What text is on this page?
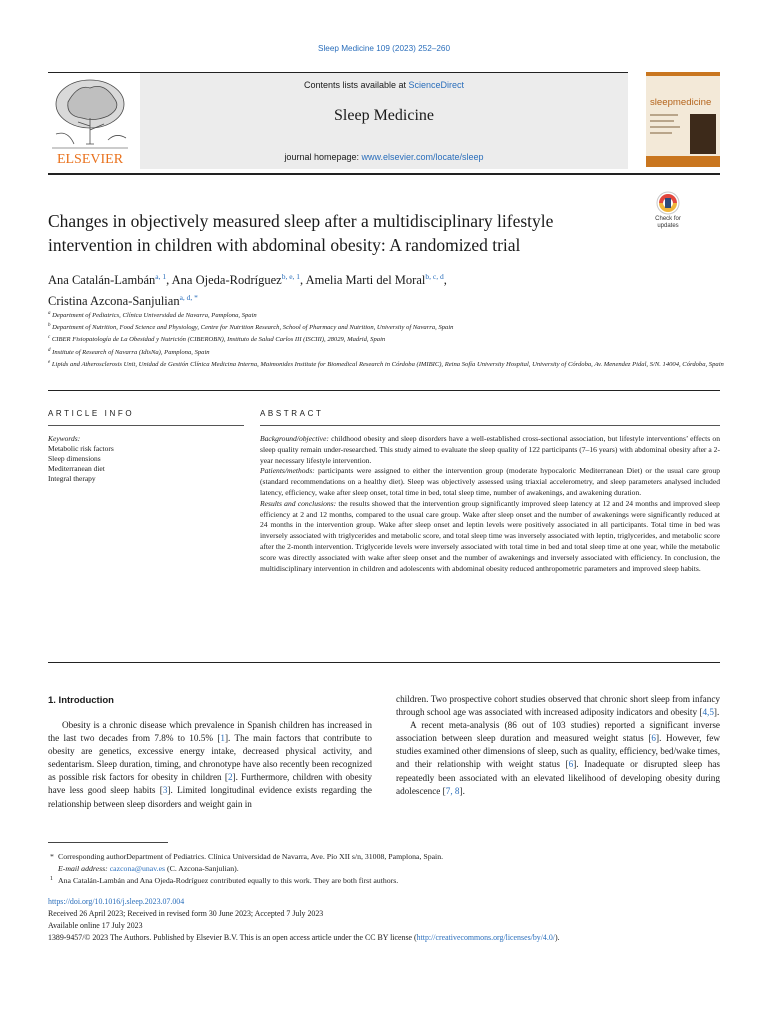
Sleep Medicine 109 (2023) 252–260
ELSEVIER
Contents lists available at ScienceDirect
Sleep Medicine
journal homepage: www.elsevier.com/locate/sleep
sleepmedicine
Check for
updates
Changes in objectively measured sleep after a multidisciplinary lifestyle intervention in children with abdominal obesity: A randomized trial
Ana Catalán-Lambán$^{a, 1}$, Ana Ojeda-Rodríguez$^{b, e, 1}$, Amelia Marti del Moral$^{b, c, d}$,
Cristina Azcona-Sanjulian$^{a, d, *}$
$^a$ Department of Pediatrics, Clínica Universidad de Navarra, Pamplona, Spain
$^b$ Department of Nutrition, Food Science and Physiology, Centre for Nutrition Research, School of Pharmacy and Nutrition, University of Navarra, Spain
$^c$ CIBER Fisiopatología de La Obesidad y Nutrición (CIBEROBN), Instituto de Salud Carlos III (ISCIII), 28029, Madrid, Spain
$^d$ Institute of Research of Navarra (IdisNa), Pamplona, Spain
$^e$ Lipids and Atherosclerosis Unit, Unidad de Gestión Clínica Medicina Interna, Maimonides Institute for Biomedical Research in Córdoba (IMIBIC), Reina Sofía University Hospital, University of Córdoba, Av. Menendez Pidal, S/N. 14004, Córdoba, Spain
ARTICLE INFO	ABSTRACT
Keywords:
Metabolic risk factors
Sleep dimensions
Mediterranean diet
Integral therapy

Background/objective: childhood obesity and sleep disorders have a well-established cross-sectional association, but lifestyle interventions’ effects on sleep quality remain under-researched. This study aimed to evaluate the sleep quality of 122 participants (7–16 years) with abdominal obesity after a 2-year necessary lifestyle intervention.

Patients/methods: participants were assigned to either the intervention group (moderate hypocaloric Mediterranean Diet) or the usual care group (standard recommendations on a healthy diet). Sleep was objectively assessed using triaxial accelerometry, and sleep parameters analysed included latency, efficiency, wake after sleep onset, total time in bed, total sleep time, number of awakenings, and awakening duration.

Results and conclusions: the results showed that the intervention group significantly improved sleep latency at 12 and 24 months and improved sleep efficiency at 2 and 12 months, compared to the usual care group. Wake after sleep onset and the number of awakenings were significantly reduced at 24 months in the intervention group. Wake after sleep onset and leptin levels were positively associated in all participants. Total time in bed was inversely associated with triglycerides and metabolic score, and total sleep time was inversely associated with leptin, triglycerides, and metabolic score after the 2-month intervention. Triglyceride levels were inversely associated with total time in bed and total sleep time at one year, while the metabolic score was directly associated with wake after sleep onset and the number of awakenings and inversely associated with efficiency. In conclusion, the multidisciplinary intervention in children and adolescents with abdominal obesity reduced anthropometric parameters and improved sleep habits.

1. Introduction

Obesity is a chronic disease which prevalence in Spanish children has increased in the last two decades from 7.8% to 10.5% [1]. The main factors that contribute to obesity are genetics, excessive energy intake, decreased physical activity, and sedentarism. Sleep duration, timing, and chronotype have also recently been recognized as possible risk factors for obesity in children [2]. Furthermore, children with obesity have less good sleep habits [3]. Limited longitudinal evidence exists regarding the relationship between sleep disorders and weight gain in

children. Two prospective cohort studies observed that chronic short sleep from infancy through school age was associated with increased adiposity indicators and obesity [4,5].

A recent meta-analysis (86 out of 103 studies) reported a significant inverse association between sleep duration and measured weight status [6]. However, few studies examined other dimensions of sleep, such as quality, efficiency, bed/wake times, and their relationship with weight status [6]. Inadequate or disrupted sleep has repeatedly been associated with an elevated likelihood of developing obesity during adolescence [7, 8].

* Corresponding authorDepartment of Pediatrics. Clínica Universidad de Navarra, Ave. Pío XII s/n, 31008, Pamplona, Spain.
E-mail address: cazcona@unav.es (C. Azcona-Sanjulian).
1 Ana Catalán-Lambán and Ana Ojeda-Rodríguez contributed equally to this work. They are both first authors.
https://doi.org/10.1016/j.sleep.2023.07.004
Received 26 April 2023; Received in revised form 30 June 2023; Accepted 7 July 2023
Available online 17 July 2023
1389-9457/© 2023 The Authors. Published by Elsevier B.V. This is an open access article under the CC BY license (http://creativecommons.org/licenses/by/4.0/).
